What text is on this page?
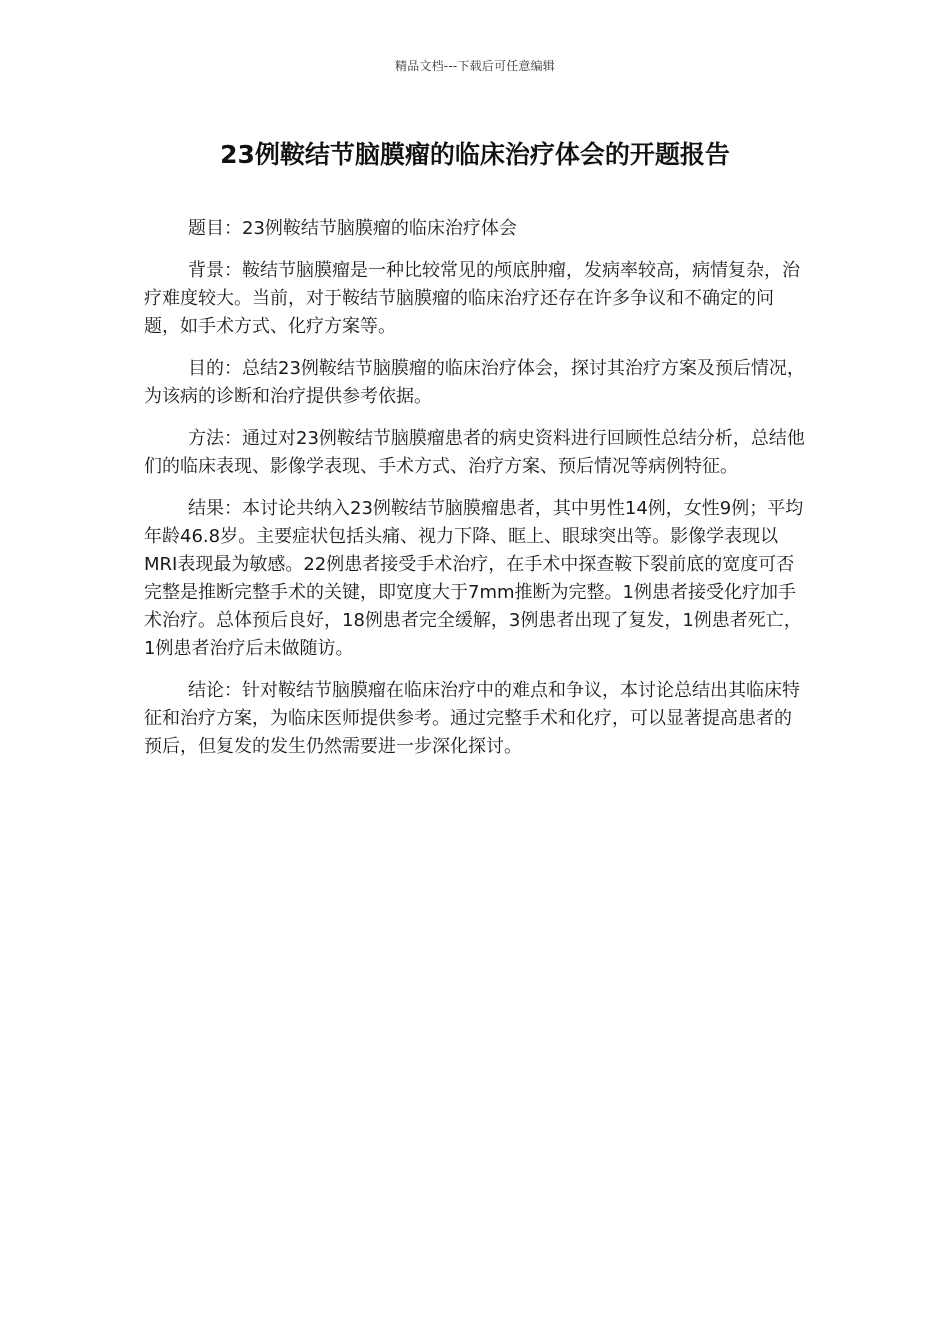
精品文档---下载后可任意编辑
23例鞍结节脑膜瘤的临床治疗体会的开题报告

题目：23例鞍结节脑膜瘤的临床治疗体会

背景：鞍结节脑膜瘤是一种比较常见的颅底肿瘤，发病率较高，病情复杂，治疗难度较大。当前，对于鞍结节脑膜瘤的临床治疗还存在许多争议和不确定的问题，如手术方式、化疗方案等。

目的：总结23例鞍结节脑膜瘤的临床治疗体会，探讨其治疗方案及预后情况，为该病的诊断和治疗提供参考依据。

方法：通过对23例鞍结节脑膜瘤患者的病史资料进行回顾性总结分析，总结他们的临床表现、影像学表现、手术方式、治疗方案、预后情况等病例特征。

结果：本讨论共纳入23例鞍结节脑膜瘤患者，其中男性14例，女性9例；平均年龄46.8岁。主要症状包括头痛、视力下降、眶上、眼球突出等。影像学表现以MRI表现最为敏感。22例患者接受手术治疗，在手术中探查鞍下裂前底的宽度可否完整是推断完整手术的关键，即宽度大于7mm推断为完整。1例患者接受化疗加手术治疗。总体预后良好，18例患者完全缓解，3例患者出现了复发，1例患者死亡，1例患者治疗后未做随访。

结论：针对鞍结节脑膜瘤在临床治疗中的难点和争议，本讨论总结出其临床特征和治疗方案，为临床医师提供参考。通过完整手术和化疗，可以显著提高患者的预后，但复发的发生仍然需要进一步深化探讨。
